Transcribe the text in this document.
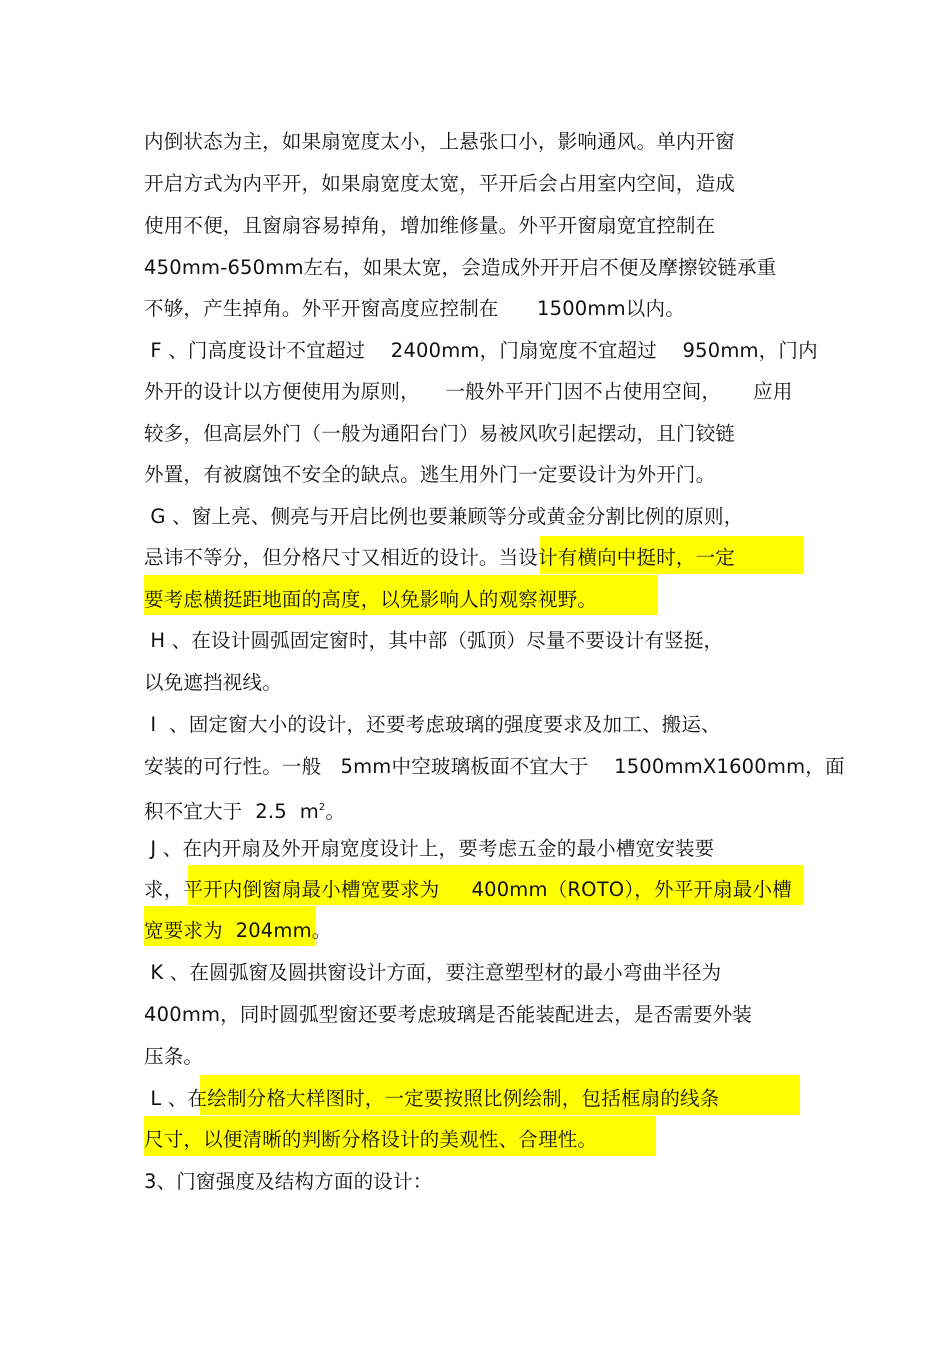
内倒状态为主，如果扇宽度太小，上悬张口小，影响通风。单内开窗
开启方式为内平开，如果扇宽度太宽，平开后会占用室内空间，造成
使用不便，且窗扇容易掉角，增加维修量。外平开窗扇宽宜控制在
450mm-650mm左右，如果太宽，会造成外开开启不便及摩擦铰链承重
不够，产生掉角。外平开窗高度应控制在      1500mm以内。
F 、门高度设计不宜超过    2400mm，门扇宽度不宜超过    950mm，门内
外开的设计以方便使用为原则，    一般外平开门因不占使用空间，     应用
较多，但高层外门（一般为通阳台门）易被风吹引起摆动，且门铰链
外置，有被腐蚀不安全的缺点。逃生用外门一定要设计为外开门。
G 、窗上亮、侧亮与开启比例也要兼顾等分或黄金分割比例的原则，
忌讳不等分，但分格尺寸又相近的设计。当设计有横向中挺时，一定
要考虑横挺距地面的高度，以免影响人的观察视野。
H 、在设计圆弧固定窗时，其中部（弧顶）尽量不要设计有竖挺，
以免遮挡视线。
I  、固定窗大小的设计，还要考虑玻璃的强度要求及加工、搬运、
安装的可行性。一般   5mm中空玻璃板面不宜大于    1500mmX1600mm，面
积不宜大于  2.5  $m^2$。
J 、在内开扇及外开扇宽度设计上，要考虑五金的最小槽宽安装要
求，平开内倒窗扇最小槽宽要求为     400mm（ROTO），外平开扇最小槽
宽要求为  204mm。
K 、在圆弧窗及圆拱窗设计方面，要注意塑型材的最小弯曲半径为
400mm，同时圆弧型窗还要考虑玻璃是否能装配进去，是否需要外装
压条。
L 、在绘制分格大样图时，一定要按照比例绘制，包括框扇的线条
尺寸，以便清晰的判断分格设计的美观性、合理性。
3、门窗强度及结构方面的设计：
